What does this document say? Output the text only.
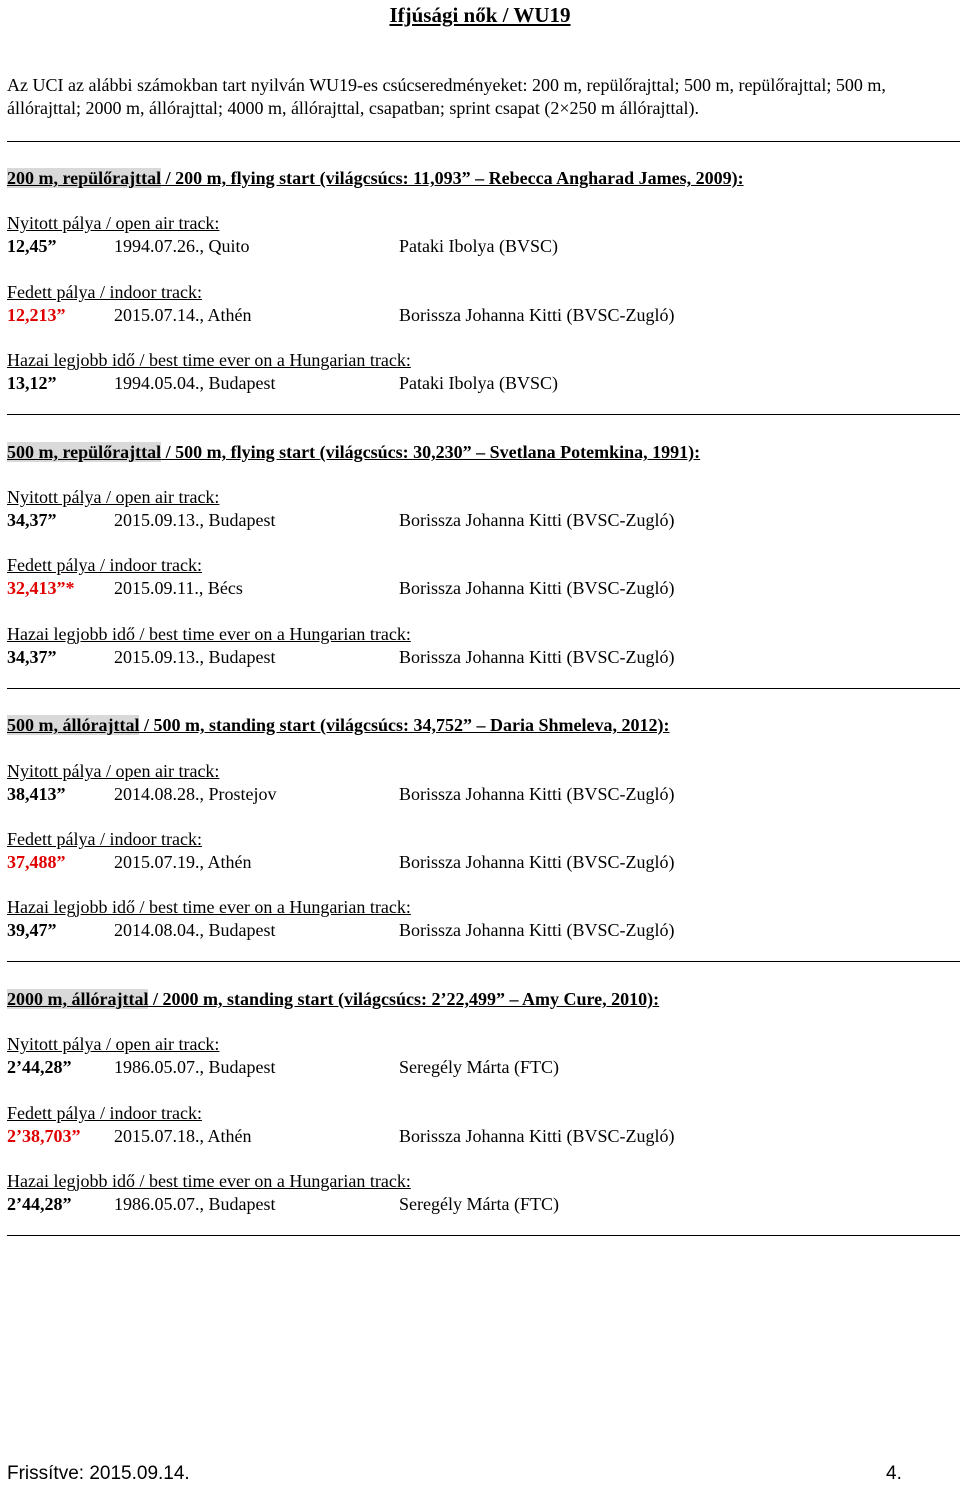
Ifjúsági nők / WU19

Az UCI az alábbi számokban tart nyilván WU19-es csúcseredményeket: 200 m, repülőrajttal; 500 m, repülőrajttal; 500 m, állórajttal; 2000 m, állórajttal; 4000 m, állórajttal, csapatban; sprint csapat (2×250 m állórajttal).

200 m, repülőrajttal / 200 m, flying start (világcsúcs: 11,093” – Rebecca Angharad James, 2009):
Nyitott pálya / open air track:
12,45”	1994.07.26., Quito	Pataki Ibolya (BVSC)
Fedett pálya / indoor track:
12,213”	2015.07.14., Athén	Borissza Johanna Kitti (BVSC-Zugló)
Hazai legjobb idő / best time ever on a Hungarian track:
13,12”	1994.05.04., Budapest	Pataki Ibolya (BVSC)
500 m, repülőrajttal / 500 m, flying start (világcsúcs: 30,230” – Svetlana Potemkina, 1991):
Nyitott pálya / open air track:
34,37”	2015.09.13., Budapest	Borissza Johanna Kitti (BVSC-Zugló)
Fedett pálya / indoor track:
32,413”* 2015.09.11., Bécs	Borissza Johanna Kitti (BVSC-Zugló)
Hazai legjobb idő / best time ever on a Hungarian track:
34,37”	2015.09.13., Budapest	Borissza Johanna Kitti (BVSC-Zugló)
500 m, állórajttal / 500 m, standing start (világcsúcs: 34,752” – Daria Shmeleva, 2012):
Nyitott pálya / open air track:
38,413”	2014.08.28., Prostejov	Borissza Johanna Kitti (BVSC-Zugló)
Fedett pálya / indoor track:
37,488”	2015.07.19., Athén	Borissza Johanna Kitti (BVSC-Zugló)
Hazai legjobb idő / best time ever on a Hungarian track:
39,47”	2014.08.04., Budapest	Borissza Johanna Kitti (BVSC-Zugló)
2000 m, állórajttal / 2000 m, standing start (világcsúcs: 2’22,499” – Amy Cure, 2010):
Nyitott pálya / open air track:
2’44,28” 1986.05.07., Budapest	Seregély Márta (FTC)
Fedett pálya / indoor track:
2’38,703” 2015.07.18., Athén	Borissza Johanna Kitti (BVSC-Zugló)
Hazai legjobb idő / best time ever on a Hungarian track:
2’44,28” 1986.05.07., Budapest	Seregély Márta (FTC)
Frissítve: 2015.09.14.	4.
